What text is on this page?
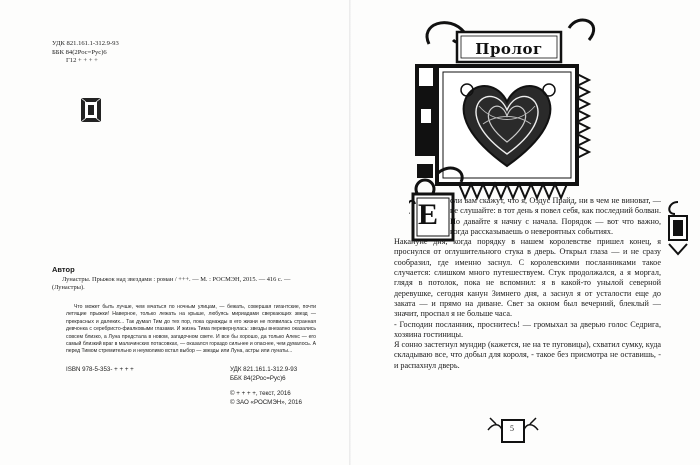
УДК 821.161.1-312.9-93
ББК 84(2Рос=Рус)6
Г12 + + + +
Автор
Лунастры. Прыжок над звездами : роман / +++. — М. : РОСМЭН, 2015. — 416 с. — (Лунастры).
Что может быть лучше, чем мчаться по ночным улицам, — бежать, совершая гигантские, почти летящие прыжки! Наверное, только лежать на крыше, любуясь мириадами сверкающих звезд — прекрасных и далеких... Так думал Тим до тех пор, пока однажды в его жизни не появилась странная девчонка с серебристо-фиалковыми глазами. И жизнь Тима перевернулась: звезды внезапно оказались совсем близко, а Луна предстала в новом, загадочном свете. И все бы хорошо, да только Алекс — его самый близкий враг в малачинских потасовках, — оказался гораздо сильнее и опаснее, чем думалось. А перед Тимом стремительно и неумолимо встал выбор — звезды или Луна, астры или лунаты...
ISBN 978-5-353- + + + +	УДК 821.161.1-312.9-93
ББК 84(2Рос=Рус)6
© + + + +, текст, 2016
© ЗАО «РОСМЭН», 2016
Пролог
Е	сли вам скажут, что я, Оэдус Прайд, ни в чем не виноват, — не слушайте: в тот день я повел себя, как последний болван. Но давайте я начну с начала. Порядок — вот что важно, когда рассказываешь о невероятных событиях.

Накануне дня, когда порядку в нашем королевстве пришел конец, я проснулся от оглушительного стука в дверь. Открыл глаза — и не сразу сообразил, где именно заснул. С королевскими посланниками такое случается: слишком много путешествуем. Стук продолжался, а я моргал, глядя в потолок, пока не вспомнил: я в какой-то унылой северной деревушке, сегодня канун Зимнего дня, а заснул я от усталости еще до заката — и прямо на диване. Свет за окном был вечерний, блеклый — значит, проспал я не больше часа.

- Господин посланник, проснитесь! — громыхал за дверью голос Седрига, хозяина гостиницы.

Я сонно застегнул мундир (кажется, не на те пуговицы), схватил сумку, куда складываю все, что добыл для короля, - такое без присмотра не оставишь, - и распахнул дверь.

5
